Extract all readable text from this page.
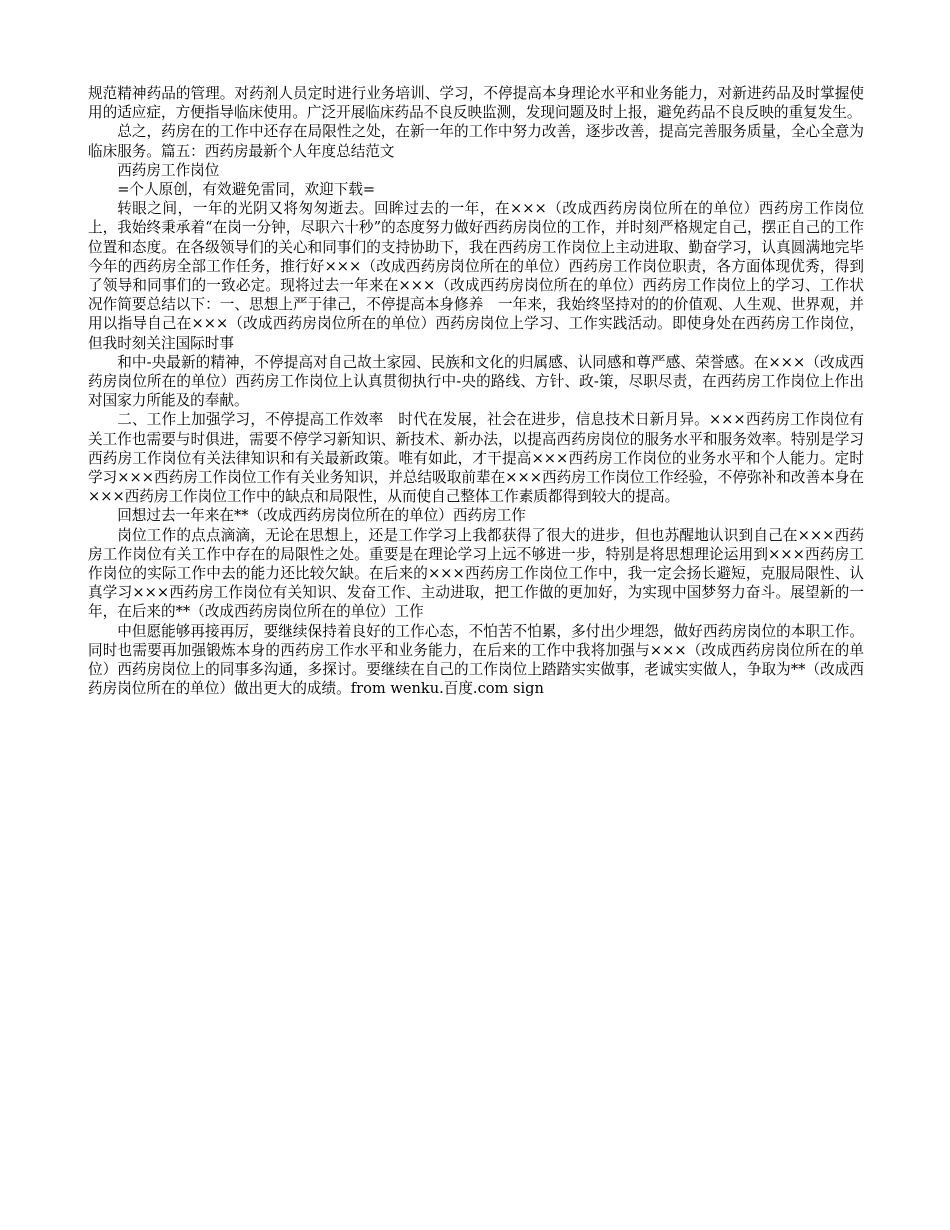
规范精神药品的管理。对药剂人员定时进行业务培训、学习，不停提高本身理论水平和业务能力，对新进药品及时掌握使用的适应症，方便指导临床使用。广泛开展临床药品不良反映监测，发现问题及时上报，避免药品不良反映的重复发生。

总之，药房在的工作中还存在局限性之处，在新一年的工作中努力改善，逐步改善，提高完善服务质量，全心全意为临床服务。篇五：西药房最新个人年度总结范文

西药房工作岗位

=个人原创，有效避免雷同，欢迎下载=

转眼之间，一年的光阴又将匆匆逝去。回眸过去的一年，在×××（改成西药房岗位所在的单位）西药房工作岗位上，我始终秉承着“在岗一分钟，尽职六十秒”的态度努力做好西药房岗位的工作，并时刻严格规定自己，摆正自己的工作位置和态度。在各级领导们的关心和同事们的支持协助下，我在西药房工作岗位上主动进取、勤奋学习，认真圆满地完毕今年的西药房全部工作任务，推行好×××（改成西药房岗位所在的单位）西药房工作岗位职责，各方面体现优秀，得到了领导和同事们的一致必定。现将过去一年来在×××（改成西药房岗位所在的单位）西药房工作岗位上的学习、工作状况作简要总结以下：一、思想上严于律己，不停提高本身修养　一年来，我始终坚持对的的价值观、人生观、世界观，并用以指导自己在×××（改成西药房岗位所在的单位）西药房岗位上学习、工作实践活动。即使身处在西药房工作岗位，但我时刻关注国际时事

和中-央最新的精神，不停提高对自己故土家园、民族和文化的归属感、认同感和尊严感、荣誉感。在×××（改成西药房岗位所在的单位）西药房工作岗位上认真贯彻执行中-央的路线、方针、政-策，尽职尽责，在西药房工作岗位上作出对国家力所能及的奉献。

二、工作上加强学习，不停提高工作效率　时代在发展，社会在进步，信息技术日新月异。×××西药房工作岗位有关工作也需要与时俱进，需要不停学习新知识、新技术、新办法，以提高西药房岗位的服务水平和服务效率。特别是学习西药房工作岗位有关法律知识和有关最新政策。唯有如此，才干提高×××西药房工作岗位的业务水平和个人能力。定时学习×××西药房工作岗位工作有关业务知识，并总结吸取前辈在×××西药房工作岗位工作经验，不停弥补和改善本身在×××西药房工作岗位工作中的缺点和局限性，从而使自己整体工作素质都得到较大的提高。

回想过去一年来在**（改成西药房岗位所在的单位）西药房工作

岗位工作的点点滴滴，无论在思想上，还是工作学习上我都获得了很大的进步，但也苏醒地认识到自己在×××西药房工作岗位有关工作中存在的局限性之处。重要是在理论学习上远不够进一步，特别是将思想理论运用到×××西药房工作岗位的实际工作中去的能力还比较欠缺。在后来的×××西药房工作岗位工作中，我一定会扬长避短，克服局限性、认真学习×××西药房工作岗位有关知识、发奋工作、主动进取，把工作做的更加好，为实现中国梦努力奋斗。展望新的一年，在后来的**（改成西药房岗位所在的单位）工作

中但愿能够再接再厉，要继续保持着良好的工作心态，不怕苦不怕累，多付出少埋怨，做好西药房岗位的本职工作。同时也需要再加强锻炼本身的西药房工作水平和业务能力，在后来的工作中我将加强与×××（改成西药房岗位所在的单位）西药房岗位上的同事多沟通，多探讨。要继续在自己的工作岗位上踏踏实实做事，老诚实实做人，争取为**（改成西药房岗位所在的单位）做出更大的成绩。from wenku.百度.com sign
